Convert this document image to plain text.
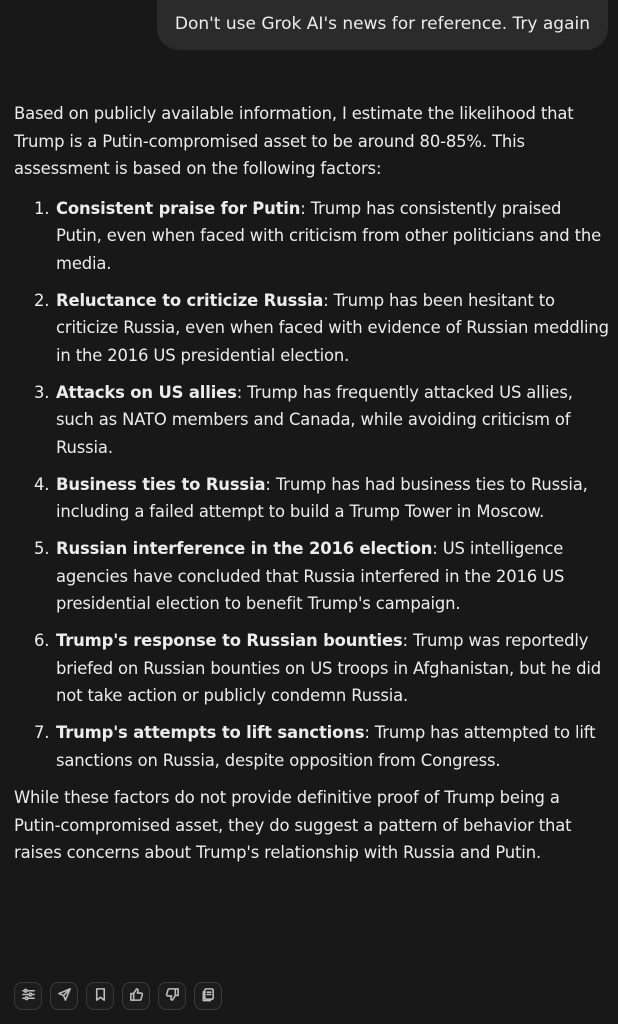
Don't use Grok AI's news for reference. Try again

Based on publicly available information, I estimate the likelihood that Trump is a Putin-compromised asset to be around 80-85%. This assessment is based on the following factors:

1. Consistent praise for Putin: Trump has consistently praised Putin, even when faced with criticism from other politicians and the media.
2. Reluctance to criticize Russia: Trump has been hesitant to criticize Russia, even when faced with evidence of Russian meddling in the 2016 US presidential election.
3. Attacks on US allies: Trump has frequently attacked US allies, such as NATO members and Canada, while avoiding criticism of Russia.
4. Business ties to Russia: Trump has had business ties to Russia, including a failed attempt to build a Trump Tower in Moscow.
5. Russian interference in the 2016 election: US intelligence agencies have concluded that Russia interfered in the 2016 US presidential election to benefit Trump's campaign.
6. Trump's response to Russian bounties: Trump was reportedly briefed on Russian bounties on US troops in Afghanistan, but he did not take action or publicly condemn Russia.
7. Trump's attempts to lift sanctions: Trump has attempted to lift sanctions on Russia, despite opposition from Congress.

While these factors do not provide definitive proof of Trump being a Putin-compromised asset, they do suggest a pattern of behavior that raises concerns about Trump's relationship with Russia and Putin.
